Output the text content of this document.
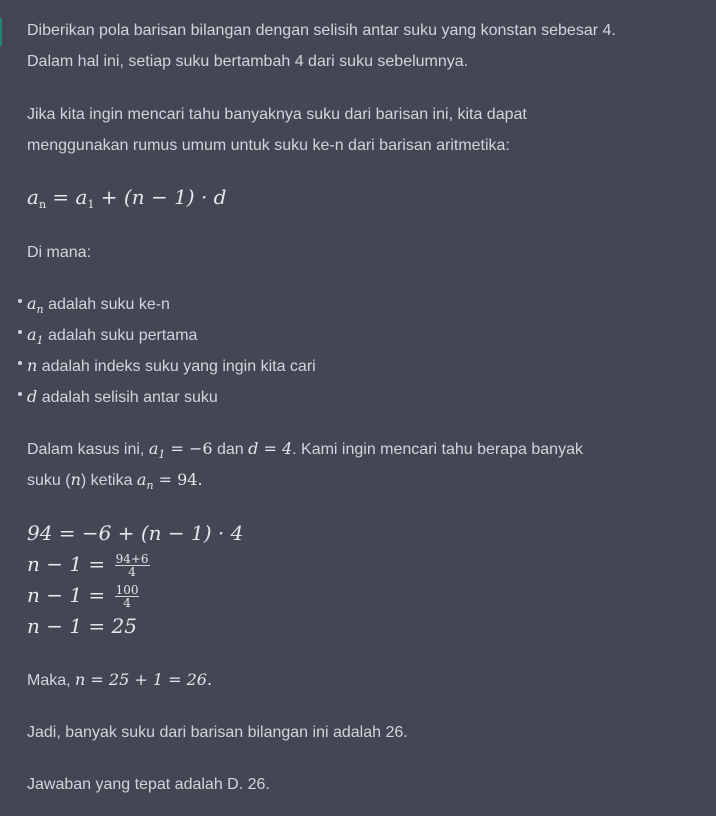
Diberikan pola barisan bilangan dengan selisih antar suku yang konstan sebesar 4.
Dalam hal ini, setiap suku bertambah 4 dari suku sebelumnya.
Jika kita ingin mencari tahu banyaknya suku dari barisan ini, kita dapat
menggunakan rumus umum untuk suku ke-n dari barisan aritmetika:
$a_n = a_1 + (n - 1) \cdot d$
Di mana:
$a_n$ adalah suku ke-n
$a_1$ adalah suku pertama
n adalah indeks suku yang ingin kita cari
d adalah selisih antar suku
Dalam kasus ini, $a_1 = -6$ dan d = 4. Kami ingin mencari tahu berapa banyak
suku (n) ketika $a_n = 94$.
94 = −6 + (n − 1) · 4
$n - 1 = \frac{94+6}{4}$
$n - 1 = \frac{100}{4}$
n − 1 = 25
Maka, n = 25 + 1 = 26.
Jadi, banyak suku dari barisan bilangan ini adalah 26.
Jawaban yang tepat adalah D. 26.
